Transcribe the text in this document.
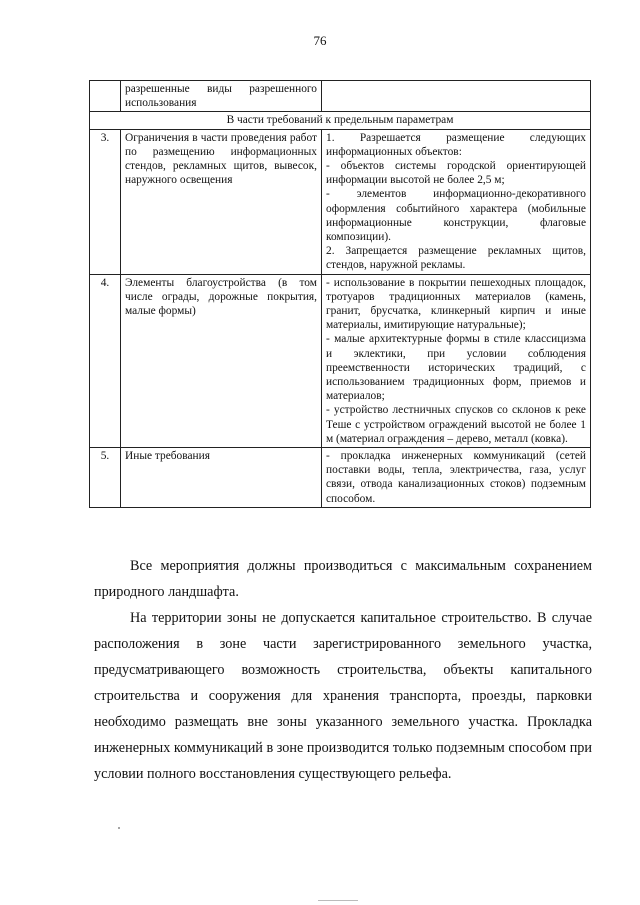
76
	разрешенные виды разрешенного использования	
В части требований к предельным параметрам		
3.	Ограничения в части проведения работ по размещению информационных стендов, рекламных щитов, вывесок, наружного освещения	1. Разрешается размещение следующих информационных объектов:
- объектов системы городской ориентирующей информации высотой не более 2,5 м;
- элементов информационно-декоративного оформления событийного характера (мобильные информационные конструкции, флаговые композиции).
2. Запрещается размещение рекламных щитов, стендов, наружной рекламы.

4.	Элементы благоустройства (в том числе ограды, дорожные покрытия, малые формы)	- использование в покрытии пешеходных площадок, тротуаров традиционных материалов (камень, гранит, брусчатка, клинкерный кирпич и иные материалы, имитирующие натуральные);
- малые архитектурные формы в стиле классицизма и эклектики, при условии соблюдения преемственности исторических традиций, с использованием традиционных форм, приемов и материалов;
- устройство лестничных спусков со склонов к реке Теше с устройством ограждений высотой не более 1 м (материал ограждения – дерево, металл (ковка).

5.	Иные требования	- прокладка инженерных коммуникаций (сетей поставки воды, тепла, электричества, газа, услуг связи, отвода канализационных стоков) подземным способом.

Все мероприятия должны производиться с максимальным сохранением природного ландшафта.

На территории зоны не допускается капитальное строительство. В случае расположения в зоне части зарегистрированного земельного участка, предусматривающего возможность строительства, объекты капитального строительства и сооружения для хранения транспорта, проезды, парковки необходимо размещать вне зоны указанного земельного участка. Прокладка инженерных коммуникаций в зоне производится только подземным способом при условии полного восстановления существующего рельефа.
